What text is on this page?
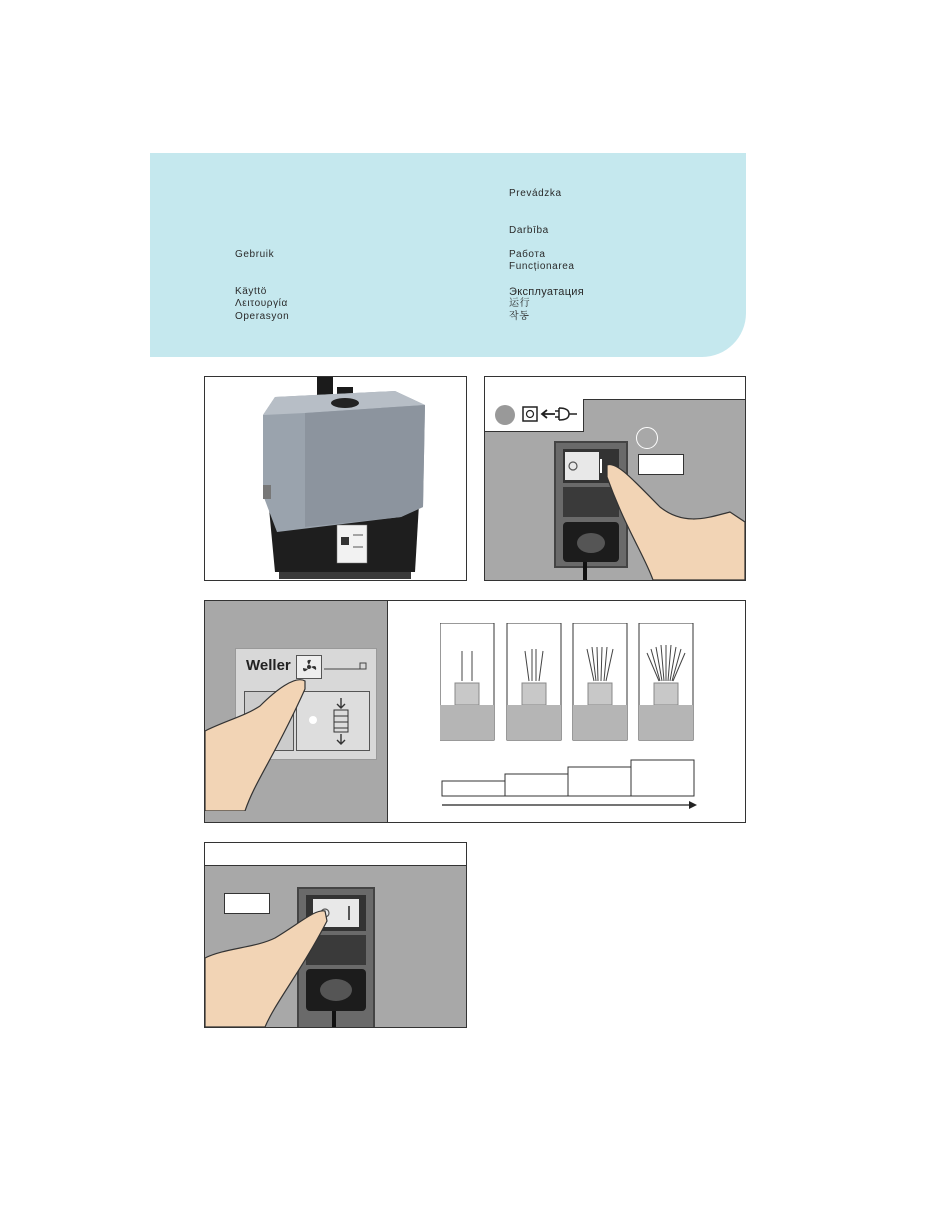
Prevádzka
Darbība
Gebruik	Работа
Funcționarea
Käyttö	Эксплуатация
Λειτουργία	运行
Operasyon	작동
Weller
